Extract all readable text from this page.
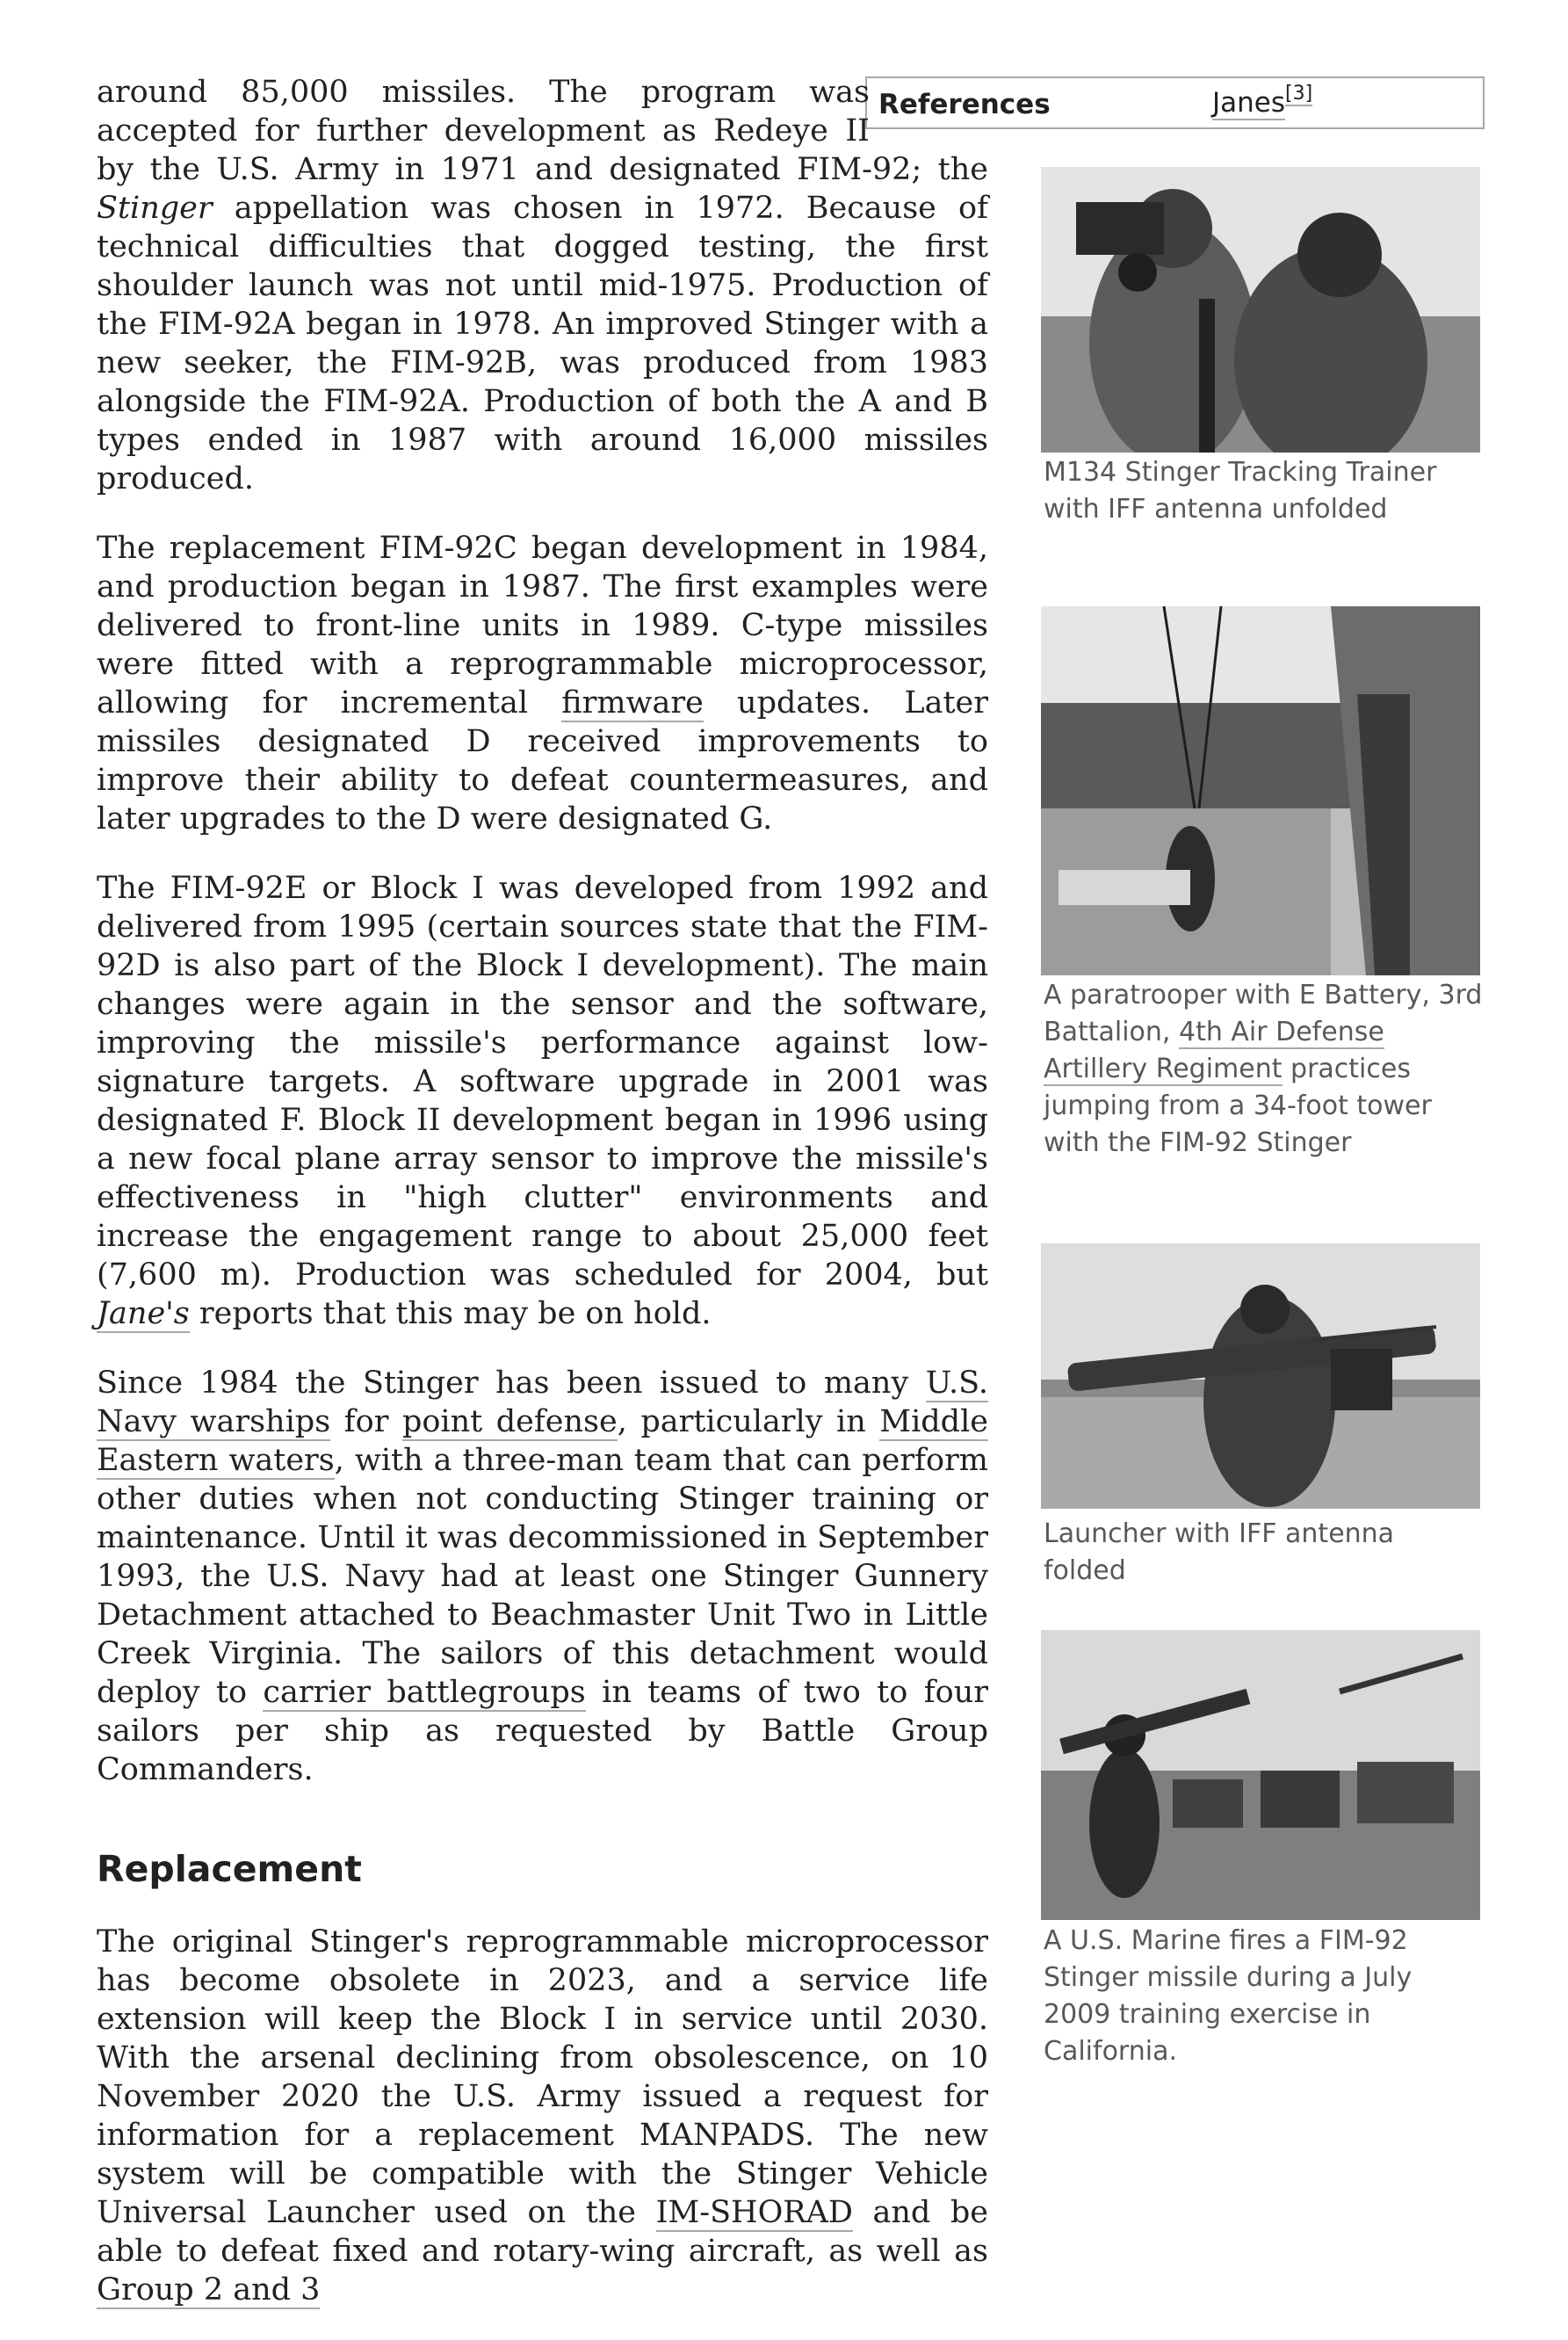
References	Janes[3]

around 85,000 missiles. The program was accepted for further development as Redeye II by the U.S. Army in 1971 and designated FIM-92; the Stinger appellation was chosen in 1972. Because of technical difficulties that dogged testing, the first shoulder launch was not until mid-1975. Production of the FIM-92A began in 1978. An improved Stinger with a new seeker, the FIM-92B, was produced from 1983 alongside the FIM-92A. Production of both the A and B types ended in 1987 with around 16,000 missiles produced.

The replacement FIM-92C began development in 1984, and production began in 1987. The first examples were delivered to front-line units in 1989. C-type missiles were fitted with a reprogrammable microprocessor, allowing for incremental firmware updates. Later missiles designated D received improvements to improve their ability to defeat countermeasures, and later upgrades to the D were designated G.

The FIM-92E or Block I was developed from 1992 and delivered from 1995 (certain sources state that the FIM-92D is also part of the Block I development). The main changes were again in the sensor and the software, improving the missile's performance against low-signature targets. A software upgrade in 2001 was designated F. Block II development began in 1996 using a new focal plane array sensor to improve the missile's effectiveness in "high clutter" environments and increase the engagement range to about 25,000 feet (7,600 m). Production was scheduled for 2004, but Jane's reports that this may be on hold.

Since 1984 the Stinger has been issued to many U.S. Navy warships for point defense, particularly in Middle Eastern waters, with a three-man team that can perform other duties when not conducting Stinger training or maintenance. Until it was decommissioned in September 1993, the U.S. Navy had at least one Stinger Gunnery Detachment attached to Beachmaster Unit Two in Little Creek Virginia. The sailors of this detachment would deploy to carrier battlegroups in teams of two to four sailors per ship as requested by Battle Group Commanders.

Replacement

The original Stinger's reprogrammable microprocessor has become obsolete in 2023, and a service life extension will keep the Block I in service until 2030. With the arsenal declining from obsolescence, on 10 November 2020 the U.S. Army issued a request for information for a replacement MANPADS. The new system will be compatible with the Stinger Vehicle Universal Launcher used on the IM-SHORAD and be able to defeat fixed and rotary-wing aircraft, as well as Group 2 and 3

M134 Stinger Tracking Trainer with IFF antenna unfolded
A paratrooper with E Battery, 3rd Battalion, 4th Air Defense Artillery Regiment practices jumping from a 34-foot tower with the FIM-92 Stinger
Launcher with IFF antenna folded
A U.S. Marine fires a FIM-92 Stinger missile during a July 2009 training exercise in California.
